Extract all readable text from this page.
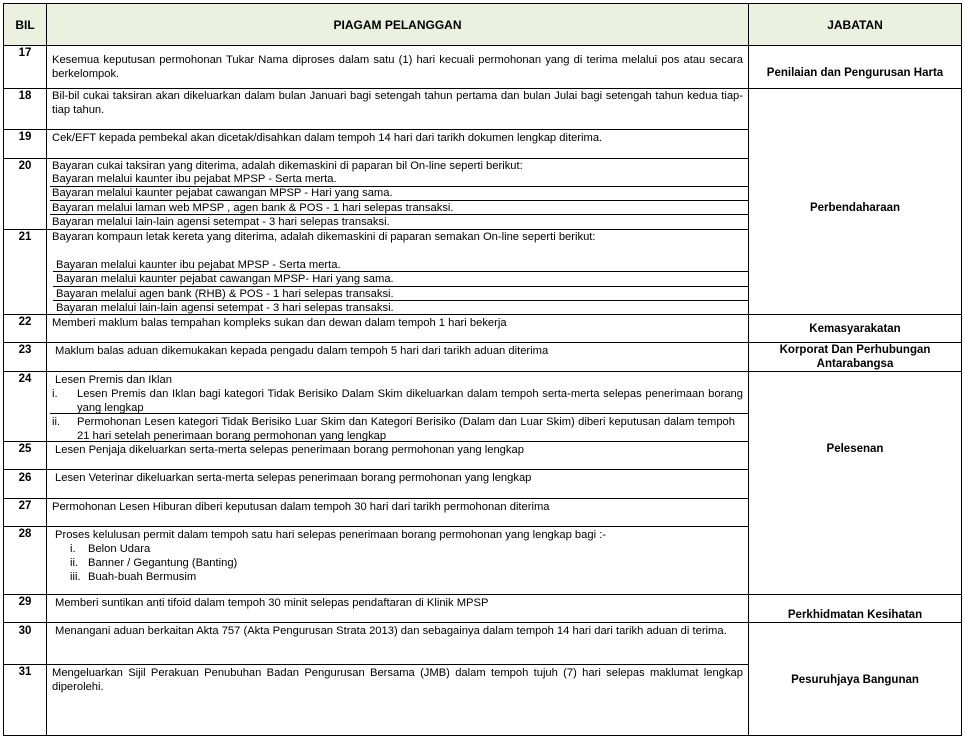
BIL	PIAGAM PELANGGAN	JABATAN
17
18
19
20
21
22
23
24
25
26
27
28
29
30
31
Kesemua keputusan permohonan Tukar Nama diproses dalam satu (1) hari kecuali permohonan yang di terima melalui pos atau secara berkelompok.
Bil-bil cukai taksiran akan dikeluarkan dalam bulan Januari bagi setengah tahun pertama dan bulan Julai bagi setengah tahun kedua tiap-tiap tahun.
Cek/EFT kepada pembekal akan dicetak/disahkan dalam tempoh 14 hari dari tarikh dokumen lengkap diterima.
Bayaran cukai taksiran yang diterima, adalah dikemaskini di paparan bil On-line seperti berikut:
Bayaran melalui kaunter ibu pejabat MPSP - Serta merta.
Bayaran melalui kaunter pejabat cawangan MPSP - Hari yang sama.
Bayaran melalui laman web MPSP , agen bank & POS - 1 hari selepas transaksi.
Bayaran melalui lain-lain agensi setempat - 3 hari selepas transaksi.
Bayaran kompaun letak kereta yang diterima, adalah dikemaskini di paparan semakan On-line seperti berikut:
Bayaran melalui kaunter ibu pejabat MPSP - Serta merta.
Bayaran melalui kaunter pejabat cawangan MPSP- Hari yang sama.
Bayaran melalui agen bank (RHB) & POS - 1 hari selepas transaksi.
Bayaran melalui lain-lain agensi setempat - 3 hari selepas transaksi.
Memberi maklum balas tempahan kompleks sukan dan dewan dalam tempoh 1 hari bekerja
Maklum balas aduan dikemukakan kepada pengadu dalam tempoh 5 hari dari tarikh aduan diterima
Lesen Premis dan Iklan
i. Lesen Premis dan Iklan bagi kategori Tidak Berisiko Dalam Skim dikeluarkan dalam tempoh serta-merta selepas penerimaan borang yang lengkap
ii. Permohonan Lesen kategori Tidak Berisiko Luar Skim dan Kategori Berisiko (Dalam dan Luar Skim) diberi keputusan dalam tempoh 21 hari setelah penerimaan borang permohonan yang lengkap
Lesen Penjaja dikeluarkan serta-merta selepas penerimaan borang permohonan yang lengkap
Lesen Veterinar dikeluarkan serta-merta selepas penerimaan borang permohonan yang lengkap
Permohonan Lesen Hiburan diberi keputusan dalam tempoh 30 hari dari tarikh permohonan diterima
Proses kelulusan permit dalam tempoh satu hari selepas penerimaan borang permohonan yang lengkap bagi :-
i. Belon Udara
ii. Banner / Gegantung (Banting)
iii. Buah-buah Bermusim
Memberi suntikan anti tifoid dalam tempoh 30 minit selepas pendaftaran di Klinik MPSP
Menangani aduan berkaitan Akta 757 (Akta Pengurusan Strata 2013) dan sebagainya dalam tempoh 14 hari dari tarikh aduan di terima.
Mengeluarkan Sijil Perakuan Penubuhan Badan Pengurusan Bersama (JMB) dalam tempoh tujuh (7) hari selepas maklumat lengkap diperolehi.
Penilaian dan Pengurusan Harta
Perbendaharaan
Kemasyarakatan
Korporat Dan Perhubungan
Antarabangsa
Pelesenan
Perkhidmatan Kesihatan
Pesuruhjaya Bangunan
